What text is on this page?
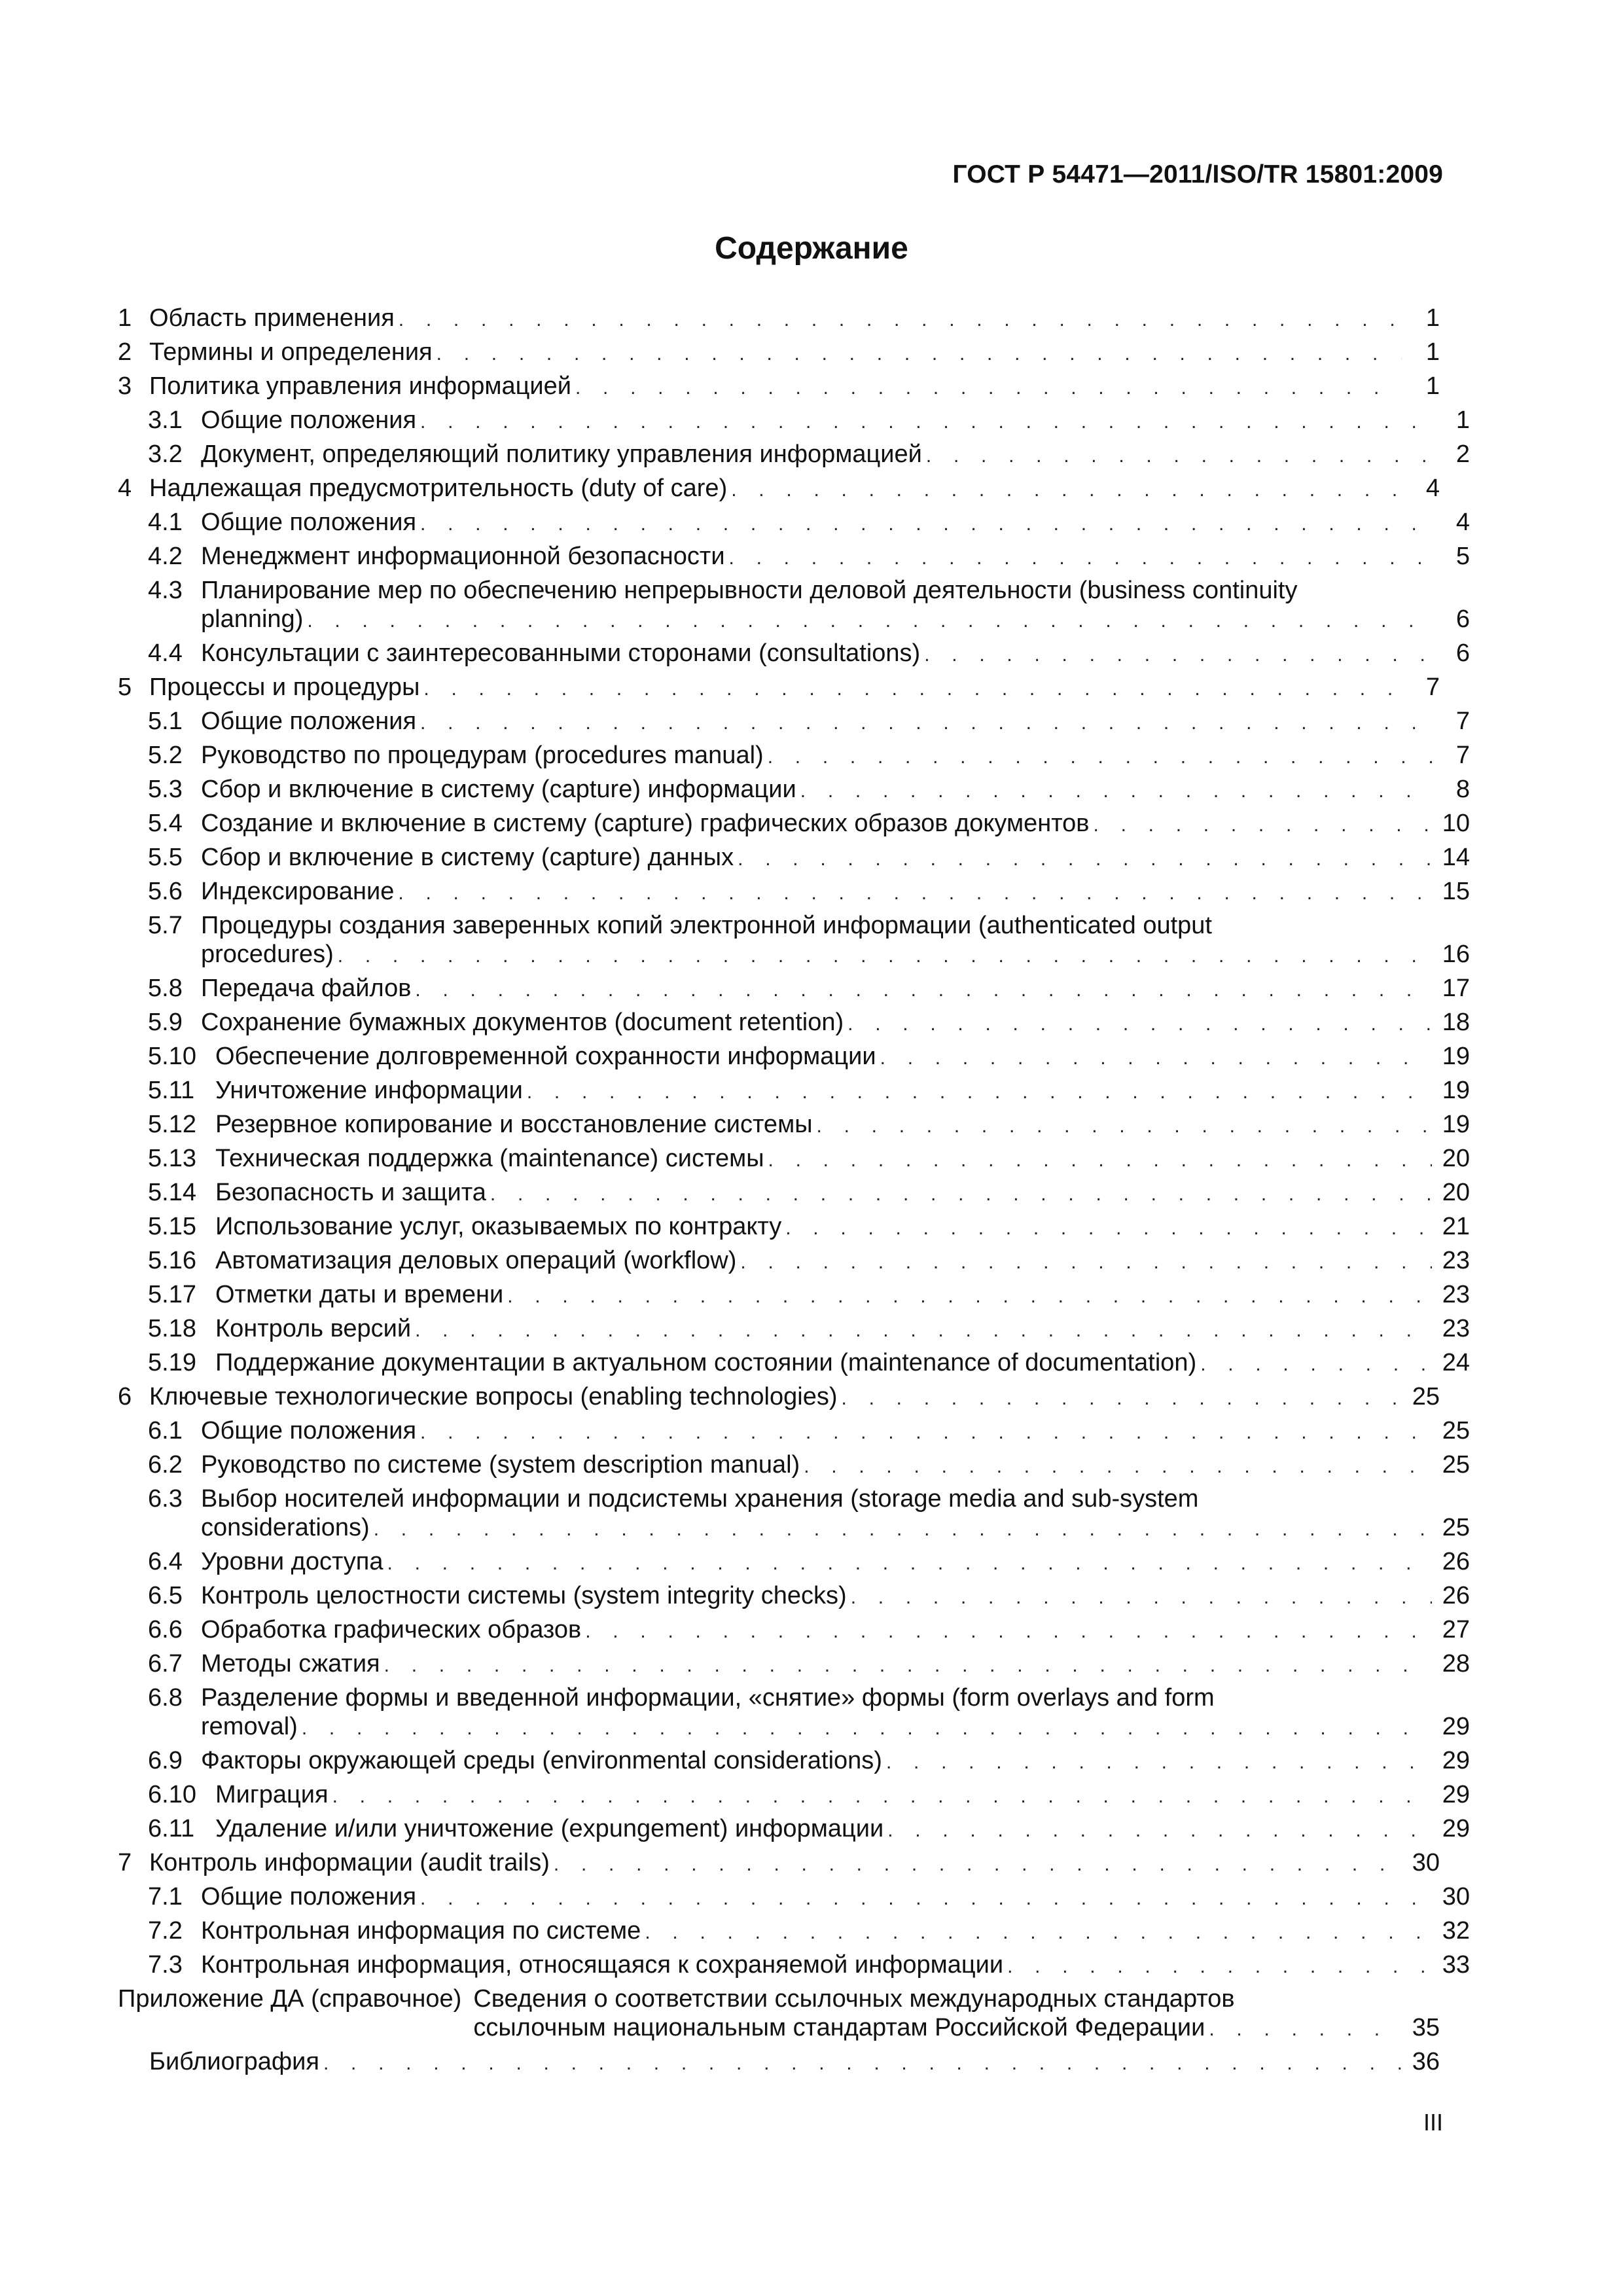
ГОСТ Р 54471—2011/ISO/TR 15801:2009
Содержание
1 Область применения . . .	1
2 Термины и определения . . .	1
3 Политика управления информацией . . .	1
3.1 Общие положения . . .	1
3.2 Документ, определяющий политику управления информацией . . .	2
4 Надлежащая предусмотрительность (duty of care) . . .	4
4.1 Общие положения . . .	4
4.2 Менеджмент информационной безопасности . . .	5
4.3 Планирование мер по обеспечению непрерывности деловой деятельности (business continuity
planning) . . .	6
4.4 Консультации с заинтересованными сторонами (consultations) . . .	6
5 Процессы и процедуры . . .	7
5.1 Общие положения . . .	7
5.2 Руководство по процедурам (procedures manual) . . .	7
5.3 Сбор и включение в систему (capture) информации . . .	8
5.4 Создание и включение в систему (capture) графических образов документов . . .	10
5.5 Сбор и включение в систему (capture) данных . . .	14
5.6 Индексирование . . .	15
5.7 Процедуры создания заверенных копий электронной информации (authenticated output
procedures) . . .	16
5.8 Передача файлов . . .	17
5.9 Сохранение бумажных документов (document retention) . . .	18
5.10 Обеспечение долговременной сохранности информации . . .	19
5.11 Уничтожение информации . . .	19
5.12 Резервное копирование и восстановление системы . . .	19
5.13 Техническая поддержка (maintenance) системы . . .	20
5.14 Безопасность и защита . . .	20
5.15 Использование услуг, оказываемых по контракту . . .	21
5.16 Автоматизация деловых операций (workflow) . . .	23
5.17 Отметки даты и времени . . .	23
5.18 Контроль версий . . .	23
5.19 Поддержание документации в актуальном состоянии (maintenance of documentation) . . .	24
6 Ключевые технологические вопросы (enabling technologies) . . .	25
6.1 Общие положения . . .	25
6.2 Руководство по системе (system description manual) . . .	25
6.3 Выбор носителей информации и подсистемы хранения (storage media and sub-system
considerations) . . .	25
6.4 Уровни доступа . . .	26
6.5 Контроль целостности системы (system integrity checks) . . .	26
6.6 Обработка графических образов . . .	27
6.7 Методы сжатия . . .	28
6.8 Разделение формы и введенной информации, «снятие» формы (form overlays and form
removal) . . .	29
6.9 Факторы окружающей среды (environmental considerations) . . .	29
6.10 Миграция . . .	29
6.11 Удаление и/или уничтожение (expungement) информации . . .	29
7 Контроль информации (audit trails) . . .	30
7.1 Общие положения . . .	30
7.2 Контрольная информация по системе . . .	32
7.3 Контрольная информация, относящаяся к сохраняемой информации . . .	33
Приложение ДА (справочное) Сведения о соответствии ссылочных международных стандартов
ссылочным национальным стандартам Российской Федерации . . .	35
Библиография . . .	36
III
